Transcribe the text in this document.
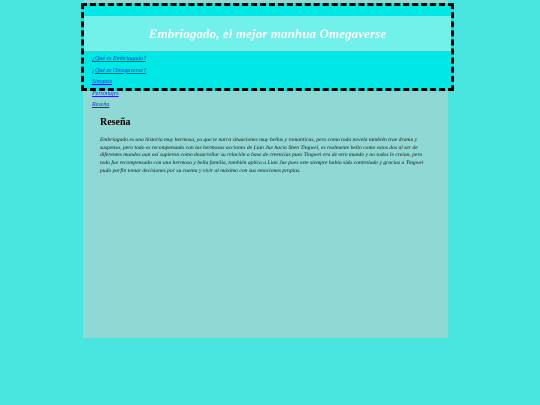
Embriagado, el mejor manhua Omegaverse
¿Qué es Embriagado?
¿Qué es Omegaverse?
Sinopsis
Personajes
Reseña
Reseña

Embriagado es una historia muy hermosa, ya que te narra situaciones muy bellas y romanticas, pero como toda novela también trae drama y suspenso, pero todo es recompensado con las hermosas acciones de Lian Jue hacia Shen Tingwei, es realmente bello como estos dos al ser de diferentes mundos aun así supieron como desarrollar su relación a base de creencias pues Tingwei era de otro mundo y no todos le creían, pero todo fue recompensado con una hermosa y bella familia, también aplica a Lian Jue pues este siempre había sido controlado y gracias a Tingwei pudo porfin tomar decisiones por su cuenta y vivir al máximo con sus emociones propias.
